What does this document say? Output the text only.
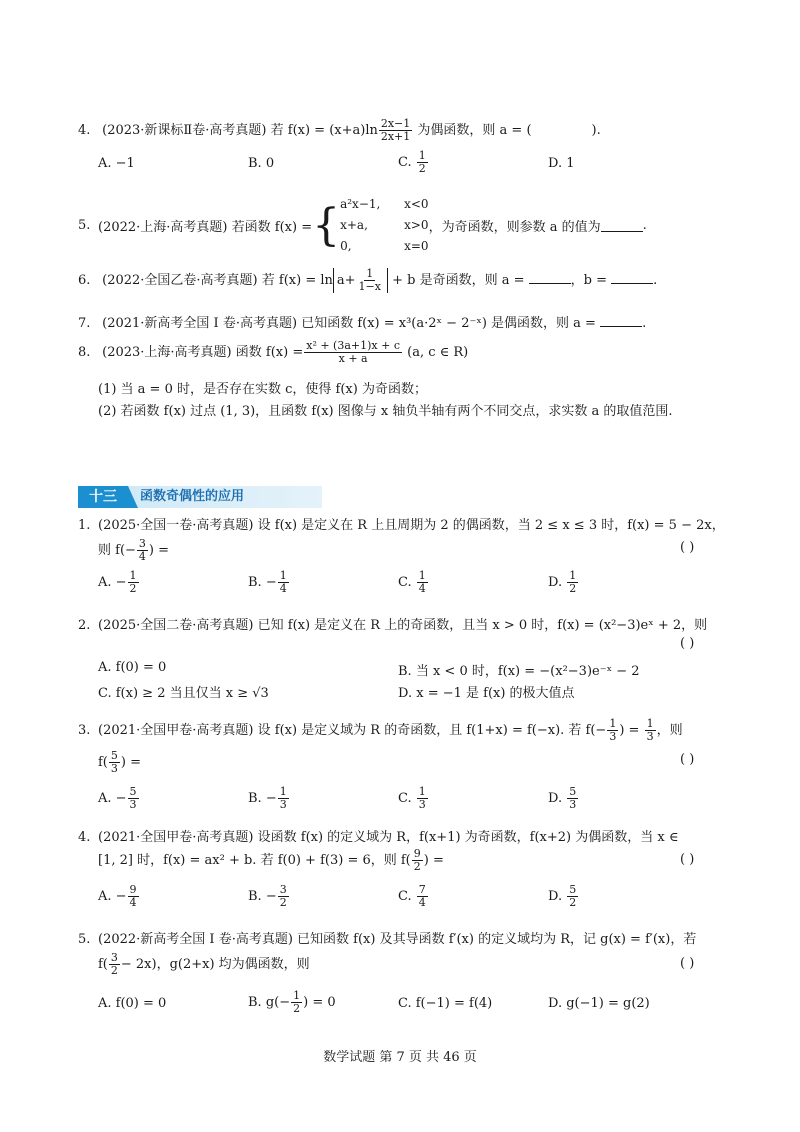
4. (2023·新课标Ⅱ卷·高考真题) 若 $f(x) = (x+a)\ln \frac{2x-1}{2x+1}$ 为偶函数，则 a = (	).
A. −1	B. 0	C. $\frac{1}{2}$	D. 1
5. (2022·上海·高考真题)
若函数 f(x) = { a²x−1, x<0
x+a,	x>0
0,	x=0
，为奇函数，则参数 a 的值为	.
6. (2022·全国乙卷·高考真题) 若 $f(x) = \ln a+ \frac{1}{1-x} + b$ 是奇函数，则 a =	，b =	.
7. (2021·新高考全国 Ⅰ 卷·高考真题) 已知函数 f(x) = x³(a·2ˣ − 2⁻ˣ) 是偶函数，则 a =	.
8. (2023·上海·高考真题) 函数 $f(x) = \frac{\text{x² + (3a+1)x + c}}{x + a} (a$, c ∈ R)
(1) 当 a = 0 时，是否存在实数 c，使得 f(x) 为奇函数；
(2) 若函数 f(x) 过点 (1, 3)，且函数 f(x) 图像与 x 轴负半轴有两个不同交点，求实数 a 的取值范围.
十三	函数奇偶性的应用
1. (2025·全国一卷·高考真题) 设 f(x) 是定义在 R 上且周期为 2 的偶函数，当 2 ≤ x ≤ 3 时，f(x) = 5 − 2x，
则 $f(- \frac{3}{4}$ ) =	( )
A. − $\frac{1}{2}$	B. − $\frac{1}{4}$	C. $\frac{1}{4}$	D. $\frac{1}{2}$
2. (2025·全国二卷·高考真题) 已知 f(x) 是定义在 R 上的奇函数，且当 x > 0 时，f(x) = (x²−3)eˣ + 2，则
( )
A. f(0) = 0	B. 当 x < 0 时，f(x) = −(x²−3)e⁻ˣ − 2
C. f(x) ≥ 2 当且仅当 x ≥ √3	D. x = −1 是 f(x) 的极大值点
3. (2021·全国甲卷·高考真题) 设 f(x) 是定义域为 R 的奇函数，且 f(1+x) = f(−x). 若 $f(- \frac{1}{3}$ ) = $\frac{1}{3}$ ，则
$f( \frac{5}{3}$ ) =	( )
A. − $\frac{5}{3}$	B. − $\frac{1}{3}$	C. $\frac{1}{3}$	D. $\frac{5}{3}$
4. (2021·全国甲卷·高考真题) 设函数 f(x) 的定义域为 R，f(x+1) 为奇函数，f(x+2) 为偶函数，当 x ∈
[1, 2] 时，f(x) = ax² + b. 若 f(0) + f(3) = 6，则 $f( \frac{9}{2}$ ) =	( )
A. − $\frac{9}{4}$	B. − $\frac{3}{2}$	C. $\frac{7}{4}$	D. $\frac{5}{2}$
5. (2022·新高考全国 Ⅰ 卷·高考真题) 已知函数 f(x) 及其导函数 f′(x) 的定义域均为 R，记 g(x) = f′(x)，若
$f( \frac{3}{2} - 2x)$，g(2+x) 均为偶函数，则	( )
A. f(0) = 0	B. $g(- \frac{1}{2}$ ) = 0	C. f(−1) = f(4)	D. g(−1) = g(2)
数学试题 第 7 页 共 46 页
